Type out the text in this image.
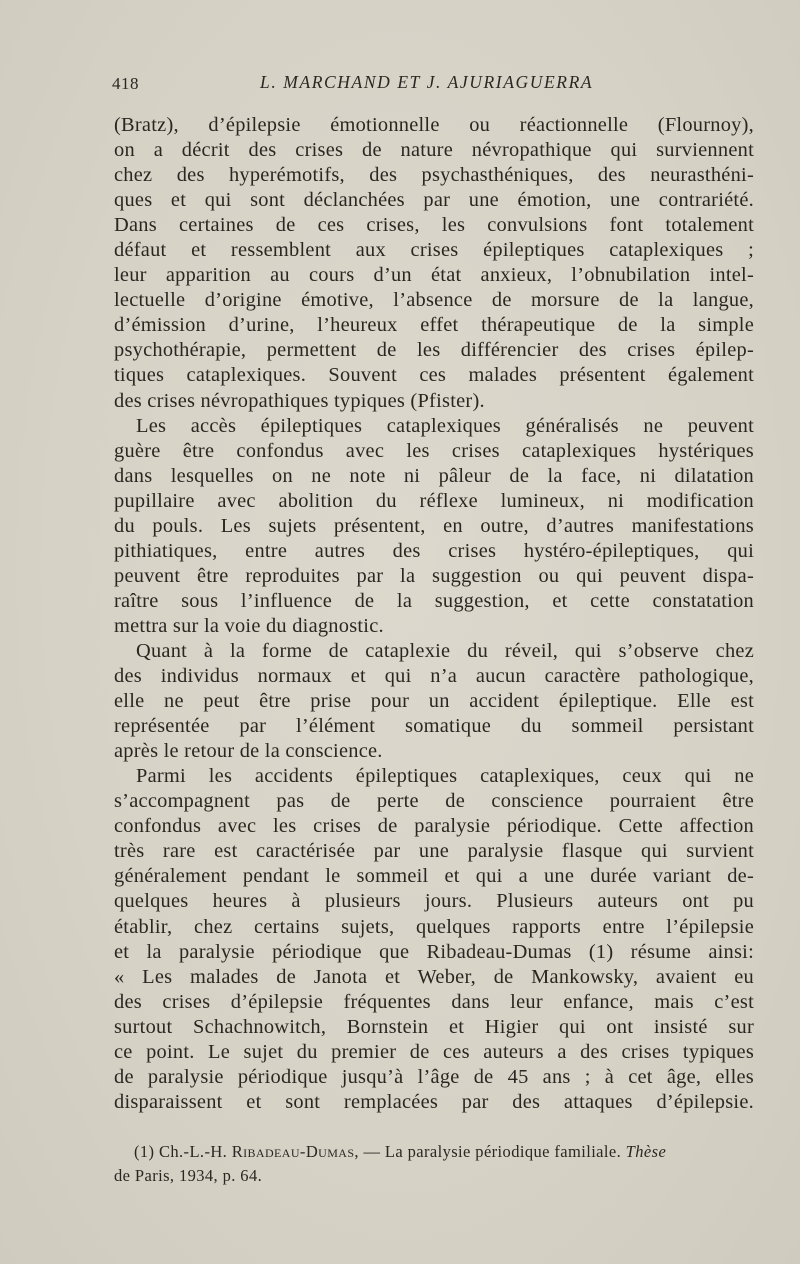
418	L. MARCHAND ET J. AJURIAGUERRA
(Bratz), d’épilepsie émotionnelle ou réactionnelle (Flournoy),
on a décrit des crises de nature névropathique qui surviennent
chez des hyperémotifs, des psychasthéniques, des neurasthéni-
ques et qui sont déclanchées par une émotion, une contrariété.
Dans certaines de ces crises, les convulsions font totalement
défaut et ressemblent aux crises épileptiques cataplexiques ;
leur apparition au cours d’un état anxieux, l’obnubilation intel-
lectuelle d’origine émotive, l’absence de morsure de la langue,
d’émission d’urine, l’heureux effet thérapeutique de la simple
psychothérapie, permettent de les différencier des crises épilep-
tiques cataplexiques. Souvent ces malades présentent également
des crises névropathiques typiques (Pfister).
Les accès épileptiques cataplexiques généralisés ne peuvent
guère être confondus avec les crises cataplexiques hystériques
dans lesquelles on ne note ni pâleur de la face, ni dilatation
pupillaire avec abolition du réflexe lumineux, ni modification
du pouls. Les sujets présentent, en outre, d’autres manifestations
pithiatiques, entre autres des crises hystéro-épileptiques, qui
peuvent être reproduites par la suggestion ou qui peuvent dispa-
raître sous l’influence de la suggestion, et cette constatation
mettra sur la voie du diagnostic.
Quant à la forme de cataplexie du réveil, qui s’observe chez
des individus normaux et qui n’a aucun caractère pathologique,
elle ne peut être prise pour un accident épileptique. Elle est
représentée par l’élément somatique du sommeil persistant
après le retour de la conscience.
Parmi les accidents épileptiques cataplexiques, ceux qui ne
s’accompagnent pas de perte de conscience pourraient être
confondus avec les crises de paralysie périodique. Cette affection
très rare est caractérisée par une paralysie flasque qui survient
généralement pendant le sommeil et qui a une durée variant de-
quelques heures à plusieurs jours. Plusieurs auteurs ont pu
établir, chez certains sujets, quelques rapports entre l’épilepsie
et la paralysie périodique que Ribadeau-Dumas (1) résume ainsi:
« Les malades de Janota et Weber, de Mankowsky, avaient eu
des crises d’épilepsie fréquentes dans leur enfance, mais c’est
surtout Schachnowitch, Bornstein et Higier qui ont insisté sur
ce point. Le sujet du premier de ces auteurs a des crises typiques
de paralysie périodique jusqu’à l’âge de 45 ans ; à cet âge, elles
disparaissent et sont remplacées par des attaques d’épilepsie.
(1) Ch.-L.-H. Ribadeau-Dumas, — La paralysie périodique familiale. Thèse
de Paris, 1934, p. 64.
